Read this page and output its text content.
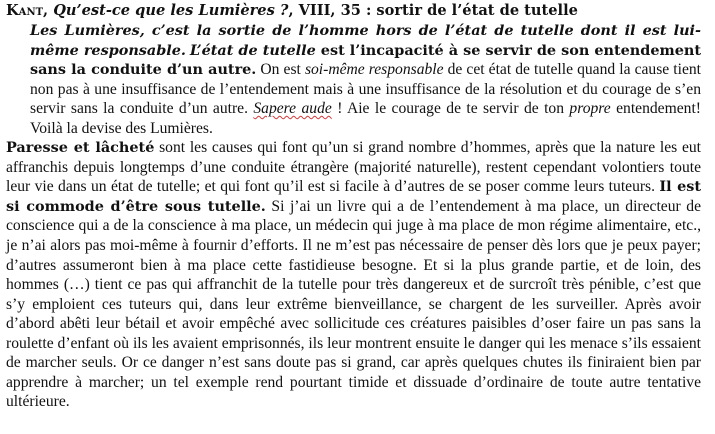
Kant, Qu’est-ce que les Lumières ?, VIII, 35 : sortir de l’état de tutelle

Les Lumières, c’est la sortie de l’homme hors de l’état de tutelle dont il est lui-même responsable. L’état de tutelle est l’incapacité à se servir de son entendement sans la conduite d’un autre. On est soi-même responsable de cet état de tutelle quand la cause tient non pas à une insuffisance de l’entendement mais à une insuffisance de la résolution et du courage de s’en servir sans la conduite d’un autre. Sapere aude ! Aie le courage de te servir de ton propre entendement! Voilà la devise des Lumières.

Paresse et lâcheté sont les causes qui font qu’un si grand nombre d’hommes, après que la nature les eut affranchis depuis longtemps d’une conduite étrangère (majorité naturelle), restent cependant volontiers toute leur vie dans un état de tutelle; et qui font qu’il est si facile à d’autres de se poser comme leurs tuteurs. Il est si commode d’être sous tutelle. Si j’ai un livre qui a de l’entendement à ma place, un directeur de conscience qui a de la conscience à ma place, un médecin qui juge à ma place de mon régime alimentaire, etc., je n’ai alors pas moi-même à fournir d’efforts. Il ne m’est pas nécessaire de penser dès lors que je peux payer; d’autres assumeront bien à ma place cette fastidieuse besogne. Et si la plus grande partie, et de loin, des hommes (…) tient ce pas qui affranchit de la tutelle pour très dangereux et de surcroît très pénible, c’est que s’y emploient ces tuteurs qui, dans leur extrême bienveillance, se chargent de les surveiller. Après avoir d’abord abêti leur bétail et avoir empêché avec sollicitude ces créatures paisibles d’oser faire un pas sans la roulette d’enfant où ils les avaient emprisonnés, ils leur montrent ensuite le danger qui les menace s’ils essaient de marcher seuls. Or ce danger n’est sans doute pas si grand, car après quelques chutes ils finiraient bien par apprendre à marcher; un tel exemple rend pourtant timide et dissuade d’ordinaire de toute autre tentative ultérieure.
